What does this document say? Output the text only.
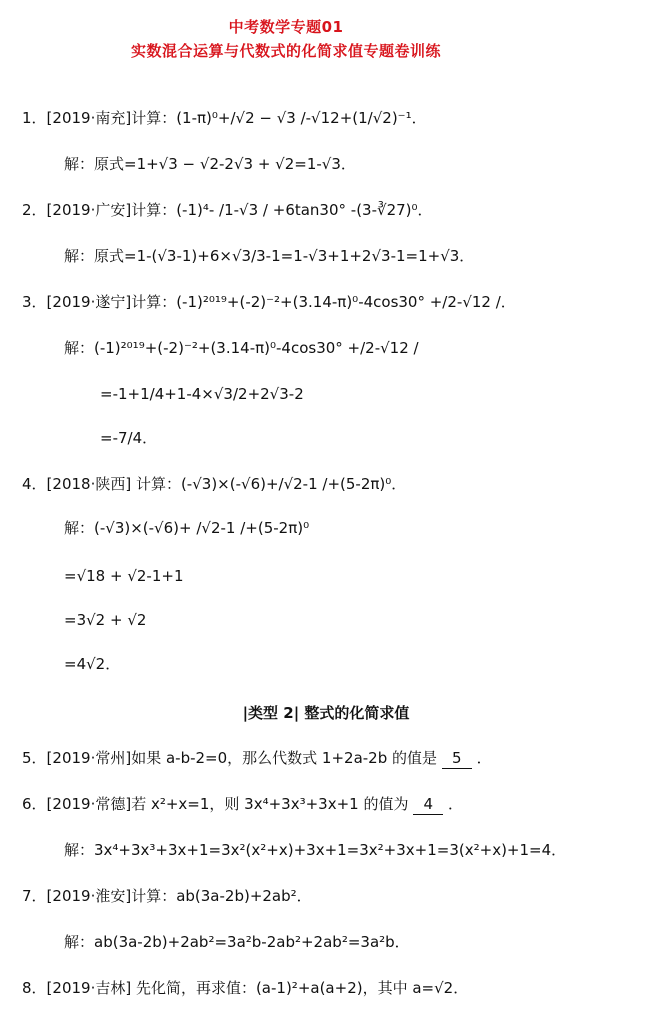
中考数学专题01
实数混合运算与代数式的化简求值专题卷训练
1．[2019·南充]计算：(1-π)⁰+/√2 − √3 /-√12+(1/√2)⁻¹．
解：原式=1+√3 − √2-2√3 + √2=1-√3．
2．[2019·广安]计算：(-1)⁴- /1-√3 / +6tan30° -(3-∛27)⁰．
解：原式=1-(√3-1)+6×√3/3-1=1-√3+1+2√3-1=1+√3．
3．[2019·遂宁]计算：(-1)²⁰¹⁹+(-2)⁻²+(3.14-π)⁰-4cos30° +/2-√12 /．
解：(-1)²⁰¹⁹+(-2)⁻²+(3.14-π)⁰-4cos30° +/2-√12 /
=-1+1/4+1-4×√3/2+2√3-2
=-7/4．
4．[2018·陕西] 计算：(-√3)×(-√6)+/√2-1 /+(5-2π)⁰．
解：(-√3)×(-√6)+ /√2-1 /+(5-2π)⁰
=√18 + √2-1+1
=3√2 + √2
=4√2．
|类型 2| 整式的化简求值
5．[2019·常州]如果 a-b-2=0，那么代数式 1+2a-2b 的值是 5 ．
6．[2019·常德]若 x²+x=1，则 3x⁴+3x³+3x+1 的值为 4 ．
解：3x⁴+3x³+3x+1=3x²(x²+x)+3x+1=3x²+3x+1=3(x²+x)+1=4．
7．[2019·淮安]计算：ab(3a-2b)+2ab²．
解：ab(3a-2b)+2ab²=3a²b-2ab²+2ab²=3a²b．
8．[2019·吉林] 先化简，再求值：(a-1)²+a(a+2)，其中 a=√2．
